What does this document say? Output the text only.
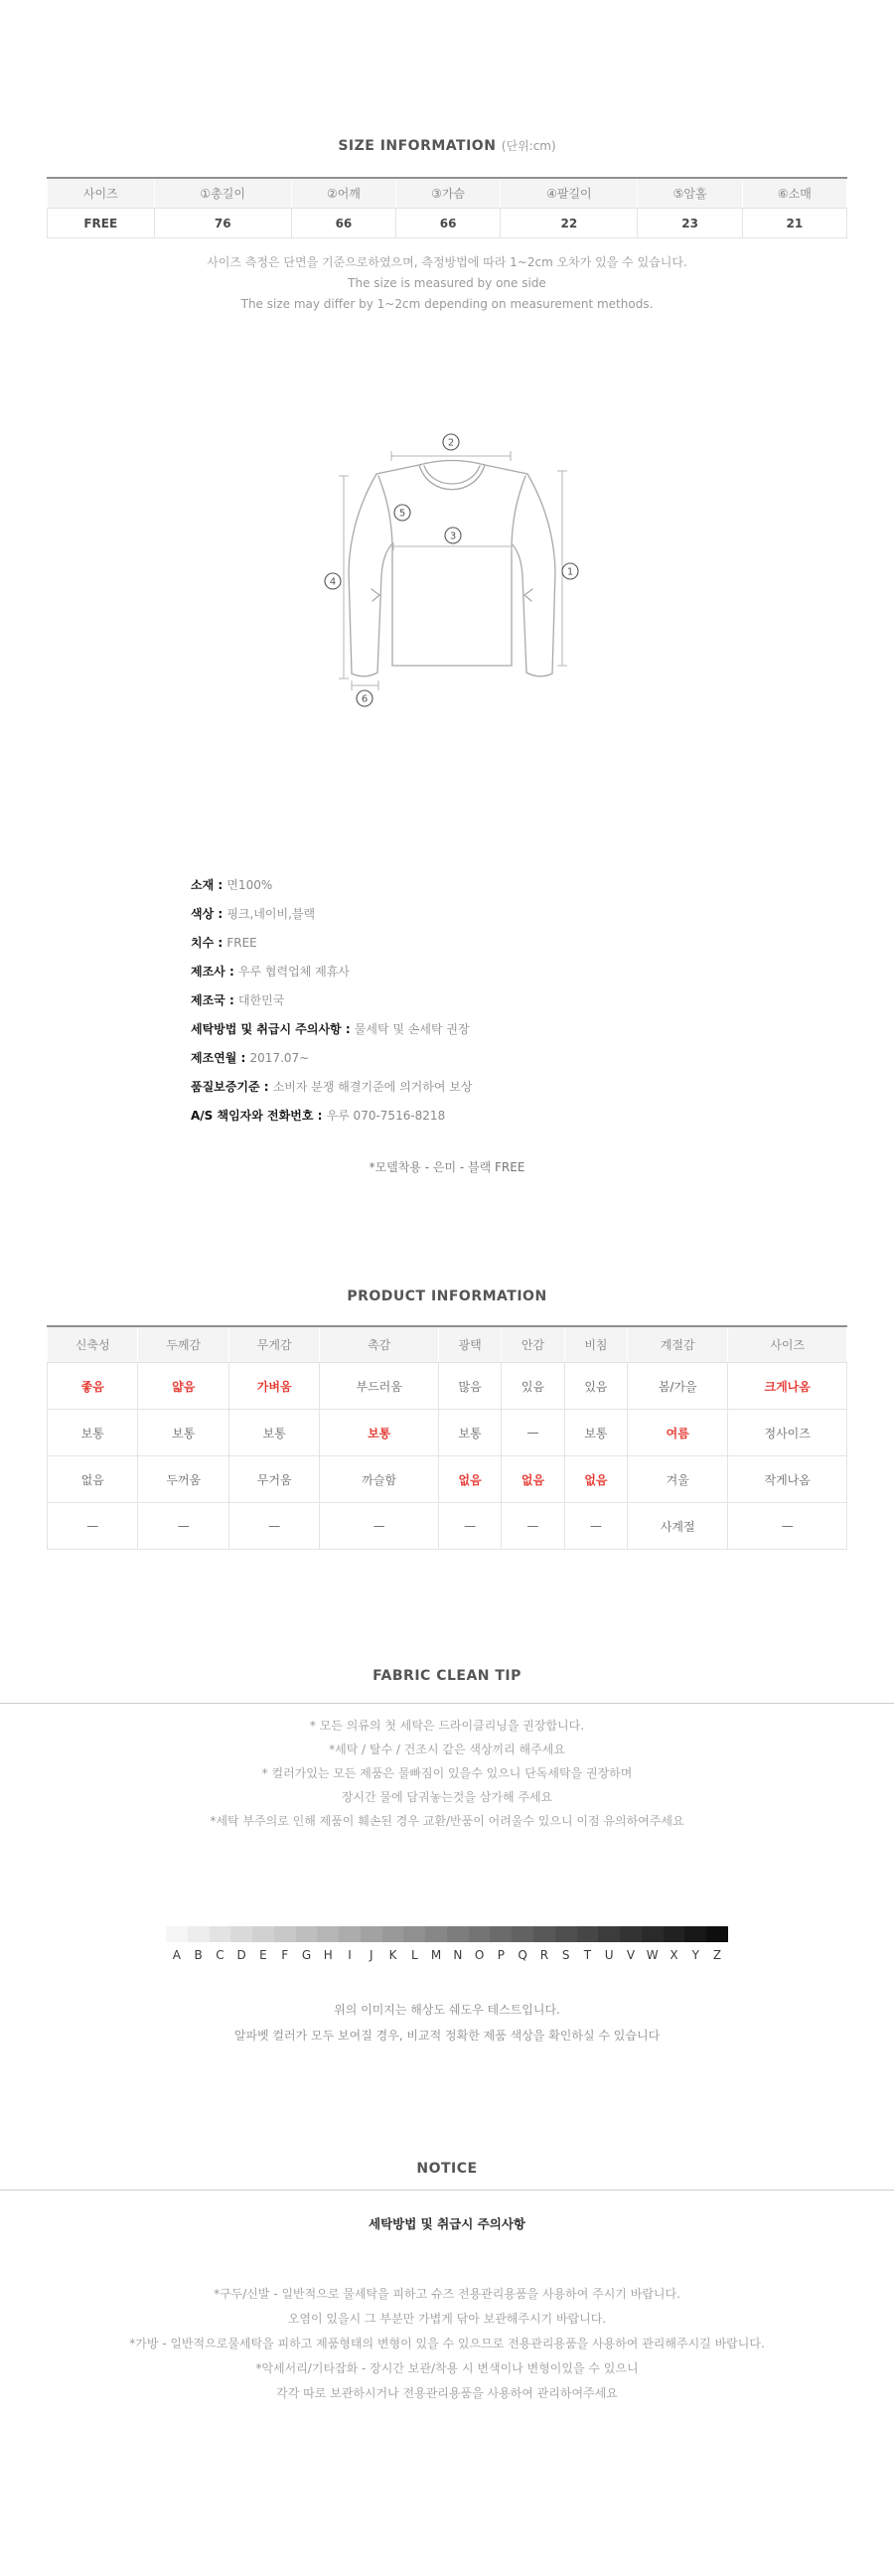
SIZE INFORMATION (단위:cm)
사이즈	①총길이	②어깨	③가슴	④팔길이	⑤암홀	⑥소매
FREE	76	66	66	22	23	21

사이즈 측정은 단면을 기준으로하였으며, 측정방법에 따라 1~2cm 오차가 있을 수 있습니다.

The size is measured by one side

The size may differ by 1~2cm depending on measurement methods.

2
1
3
4
5
6
소재 : 면100%
색상 : 핑크,네이비,블랙
치수 : FREE
제조사 : 우루 협력업체 제휴사
제조국 : 대한민국
세탁방법 및 취급시 주의사항 : 물세탁 및 손세탁 권장
제조연월 : 2017.07~
품질보증기준 : 소비자 분쟁 해결기준에 의거하여 보상
A/S 책임자와 전화번호 : 우루 070-7516-8218

*모델착용 - 은미 - 블랙 FREE

PRODUCT INFORMATION
신축성	두께감	무게감	촉감	광택	안감	비침	계절감	사이즈
좋음	얇음	가벼움	부드러움	많음	있음	있음	봄/가을	크게나옴
보통	보통	보통	보통	보통	—	보통	여름	정사이즈
없음	두꺼움	무거움	까슬함	없음	없음	없음	겨울	작게나옴
—	—	—	—	—	—	—	사계절	—
FABRIC CLEAN TIP

* 모든 의류의 첫 세탁은 드라이클리닝을 권장합니다.

*세탁 / 탈수 / 건조시 같은 색상끼리 해주세요

* 컬러가있는 모든 제품은 물빠짐이 있을수 있으니 단독세탁을 권장하며

장시간 물에 담궈놓는것을 삼가해 주세요

*세탁 부주의로 인해 제품이 훼손된 경우 교환/반품이 어려울수 있으니 이점 유의하여주세요

A	B	C	D	E	F	G	H	I	J	K	L	M	N	O	P	Q	R	S	T	U	V W X	Y	Z

위의 이미지는 해상도 쉐도우 테스트입니다.

알파벳 컬러가 모두 보여질 경우, 비교적 정확한 제품 색상을 확인하실 수 있습니다

NOTICE

세탁방법 및 취급시 주의사항

*구두/신발 - 일반적으로 물세탁을 피하고 슈즈 전용관리용품을 사용하여 주시기 바랍니다.

오염이 있을시 그 부분만 가볍게 닦아 보관해주시기 바랍니다.

*가방 - 일반적으로물세탁을 피하고 제품형태의 변형이 있을 수 있으므로 전용관리용품을 사용하여 관리해주시길 바랍니다.

*악세서리/기타잡화 - 장시간 보관/착용 시 변색이나 변형이있을 수 있으니

각각 따로 보관하시거나 전용관리용품을 사용하여 관리하여주세요
